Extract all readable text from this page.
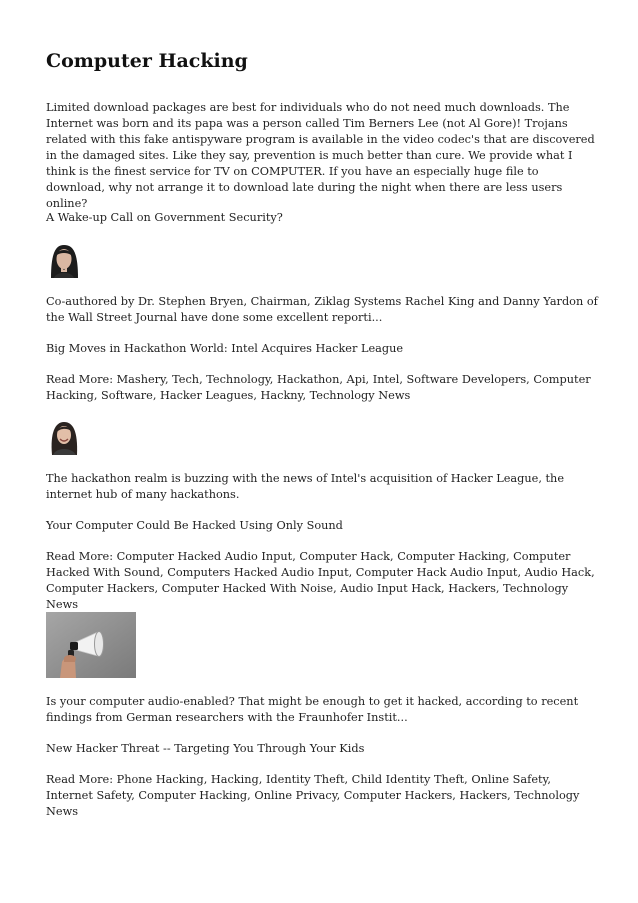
Computer Hacking

Limited download packages are best for individuals who do not need much downloads. The Internet was born and its papa was a person called Tim Berners Lee (not Al Gore)! Trojans related with this fake antispyware program is available in the video codec's that are discovered in the damaged sites. Like they say, prevention is much better than cure. We provide what I think is the finest service for TV on COMPUTER. If you have an especially huge file to download, why not arrange it to download late during the night when there are less users online?

A Wake-up Call on Government Security?

Co-authored by Dr. Stephen Bryen, Chairman, Ziklag Systems Rachel King and Danny Yardon of the Wall Street Journal have done some excellent reporti...

Big Moves in Hackathon World: Intel Acquires Hacker League

Read More: Mashery, Tech, Technology, Hackathon, Api, Intel, Software Developers, Computer Hacking, Software, Hacker Leagues, Hackny, Technology News

The hackathon realm is buzzing with the news of Intel's acquisition of Hacker League, the internet hub of many hackathons.

Your Computer Could Be Hacked Using Only Sound

Read More: Computer Hacked Audio Input, Computer Hack, Computer Hacking, Computer Hacked With Sound, Computers Hacked Audio Input, Computer Hack Audio Input, Audio Hack, Computer Hackers, Computer Hacked With Noise, Audio Input Hack, Hackers, Technology News

Is your computer audio-enabled? That might be enough to get it hacked, according to recent findings from German researchers with the Fraunhofer Instit...

New Hacker Threat -- Targeting You Through Your Kids

Read More: Phone Hacking, Hacking, Identity Theft, Child Identity Theft, Online Safety, Internet Safety, Computer Hacking, Online Privacy, Computer Hackers, Hackers, Technology News
